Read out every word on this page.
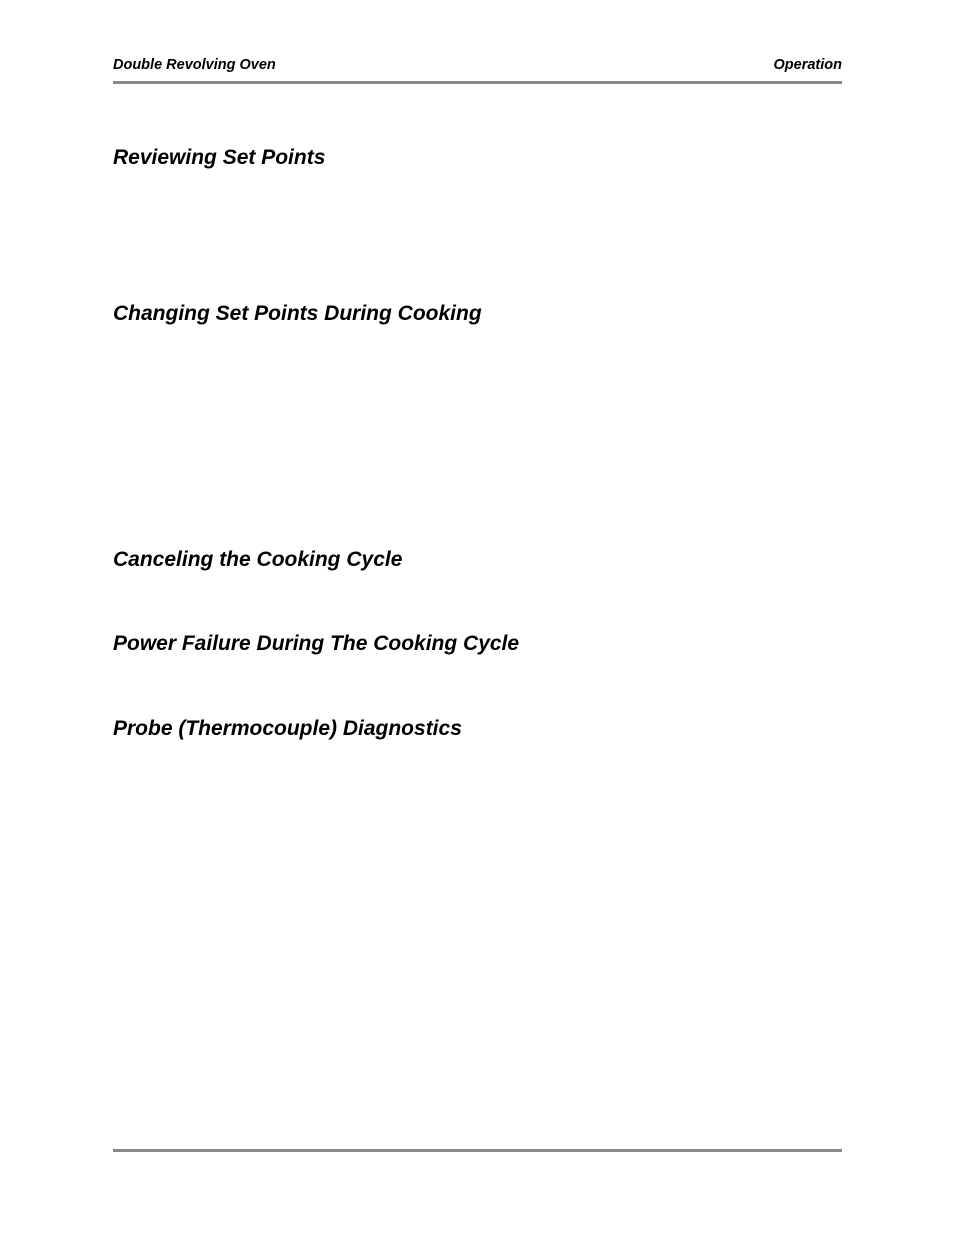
Double Revolving Oven	Operation
Reviewing Set Points
Changing Set Points During Cooking
Canceling the Cooking Cycle
Power Failure During The Cooking Cycle
Probe (Thermocouple) Diagnostics
